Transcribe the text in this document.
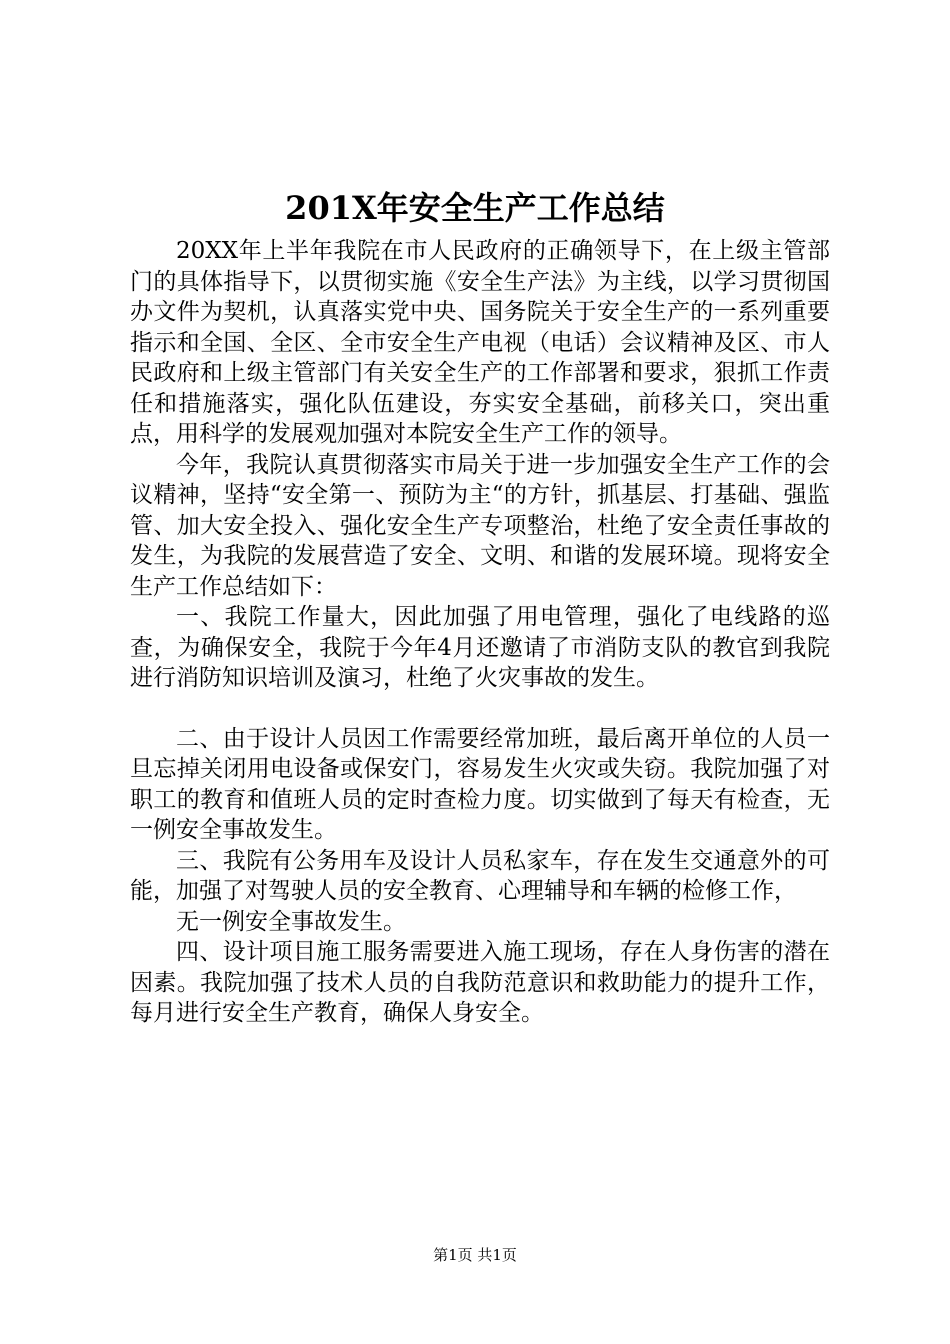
201X年安全生产工作总结

20XX年上半年我院在市人民政府的正确领导下，在上级主管部门的具体指导下，以贯彻实施《安全生产法》为主线，以学习贯彻国办文件为契机，认真落实党中央、国务院关于安全生产的一系列重要指示和全国、全区、全市安全生产电视（电话）会议精神及区、市人民政府和上级主管部门有关安全生产的工作部署和要求，狠抓工作责任和措施落实，强化队伍建设，夯实安全基础，前移关口，突出重点，用科学的发展观加强对本院安全生产工作的领导。

今年，我院认真贯彻落实市局关于进一步加强安全生产工作的会议精神，坚持“安全第一、预防为主“的方针，抓基层、打基础、强监管、加大安全投入、强化安全生产专项整治，杜绝了安全责任事故的发生，为我院的发展营造了安全、文明、和谐的发展环境。现将安全生产工作总结如下：

一、我院工作量大，因此加强了用电管理，强化了电线路的巡查，为确保安全，我院于今年4月还邀请了市消防支队的教官到我院进行消防知识培训及演习，杜绝了火灾事故的发生。

二、由于设计人员因工作需要经常加班，最后离开单位的人员一旦忘掉关闭用电设备或保安门，容易发生火灾或失窃。我院加强了对职工的教育和值班人员的定时查检力度。切实做到了每天有检查，无一例安全事故发生。

三、我院有公务用车及设计人员私家车，存在发生交通意外的可能，加强了对驾驶人员的安全教育、心理辅导和车辆的检修工作，

无一例安全事故发生。

四、设计项目施工服务需要进入施工现场，存在人身伤害的潜在因素。我院加强了技术人员的自我防范意识和救助能力的提升工作，每月进行安全生产教育，确保人身安全。

第1页 共1页
